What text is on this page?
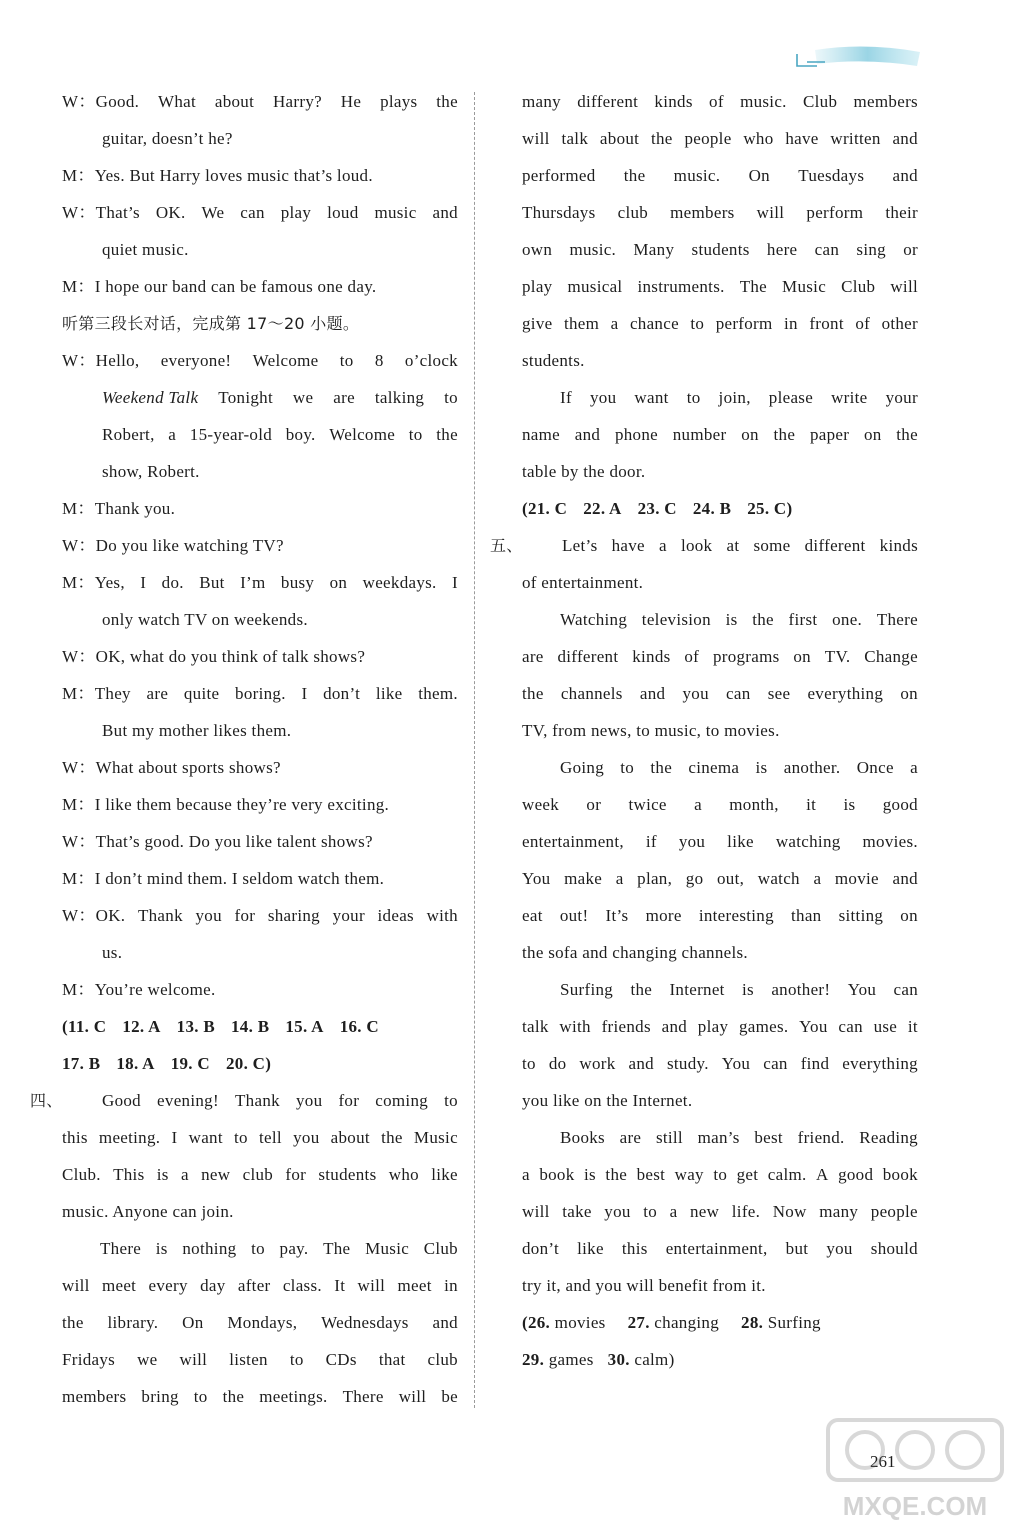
W：Good. What about Harry? He plays the
guitar, doesn’t he?
M：Yes. But Harry loves music that’s loud.
W：That’s OK. We can play loud music and
quiet music.
M：I hope our band can be famous one day.
听第三段长对话，完成第 17～20 小题。
W：Hello, everyone! Welcome to 8 o’clock
Weekend Talk Tonight we are talking to
Robert, a 15-year-old boy. Welcome to the
show, Robert.
M：Thank you.
W：Do you like watching TV?
M：Yes, I do. But I’m busy on weekdays. I
only watch TV on weekends.
W：OK, what do you think of talk shows?
M：They are quite boring. I don’t like them.
But my mother likes them.
W：What about sports shows?
M：I like them because they’re very exciting.
W：That’s good. Do you like talent shows?
M：I don’t mind them. I seldom watch them.
W：OK. Thank you for sharing your ideas with
us.
M：You’re welcome.
(11. C 12. A 13. B 14. B 15. A 16. C
17. B 18. A 19. C 20. C)
四、 Good evening! Thank you for coming to
this meeting. I want to tell you about the Music
Club. This is a new club for students who like
music. Anyone can join.
There is nothing to pay. The Music Club
will meet every day after class. It will meet in
the library. On Mondays, Wednesdays and
Fridays we will listen to CDs that club
members bring to the meetings. There will be
many different kinds of music. Club members
will talk about the people who have written and
performed the music. On Tuesdays and
Thursdays club members will perform their
own music. Many students here can sing or
play musical instruments. The Music Club will
give them a chance to perform in front of other
students.
If you want to join, please write your
name and phone number on the paper on the
table by the door.
(21. C 22. A 23. C 24. B 25. C)
五、 Let’s have a look at some different kinds
of entertainment.
Watching television is the first one. There
are different kinds of programs on TV. Change
the channels and you can see everything on
TV, from news, to music, to movies.
Going to the cinema is another. Once a
week or twice a month, it is good
entertainment, if you like watching movies.
You make a plan, go out, watch a movie and
eat out! It’s more interesting than sitting on
the sofa and changing channels.
Surfing the Internet is another! You can
talk with friends and play games. You can use it
to do work and study. You can find everything
you like on the Internet.
Books are still man’s best friend. Reading
a book is the best way to get calm. A good book
will take you to a new life. Now many people
don’t like this entertainment, but you should
try it, and you will benefit from it.
(26. movies 27. changing 28. Surfing
29. games 30. calm)
261
MXQE.COM
